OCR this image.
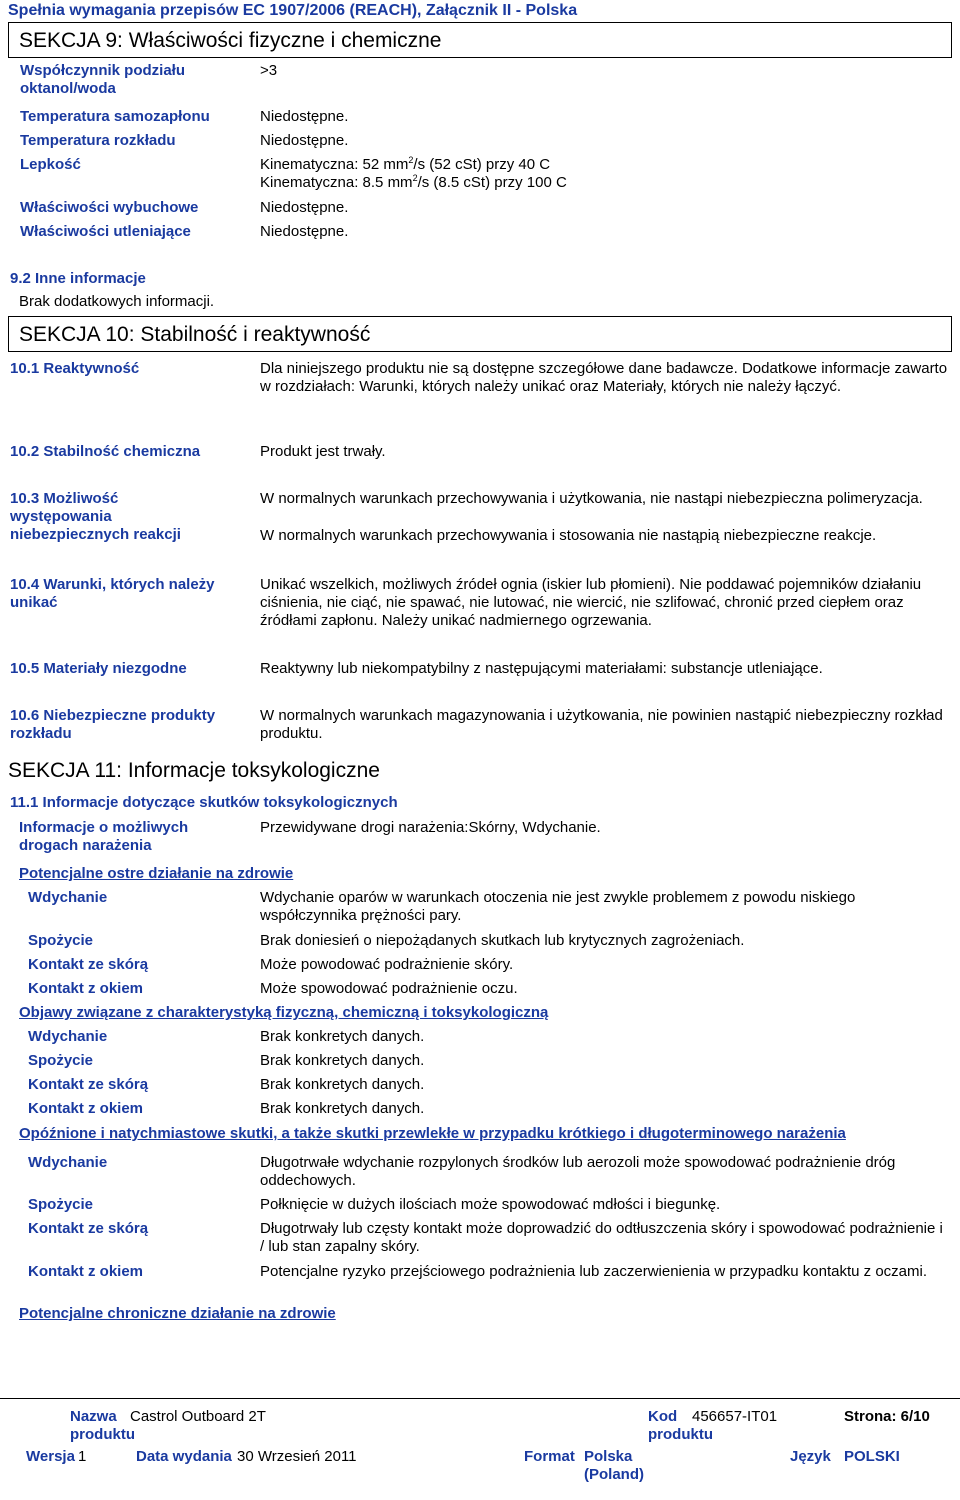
Spełnia wymagania przepisów EC 1907/2006 (REACH), Załącznik II - Polska
SEKCJA 9: Właściwości fizyczne i chemiczne
Współczynnik podziału oktanol/woda
>3
Temperatura samozapłonu	Niedostępne.
Temperatura rozkładu	Niedostępne.
Lepkość	Kinematyczna: 52 $mm^2/s$ (52 cSt) przy 40 C
Kinematyczna: 8.5 $mm^2/s$ (8.5 cSt) przy 100 C
Właściwości wybuchowe	Niedostępne.
Właściwości utleniające	Niedostępne.
9.2 Inne informacje
Brak dodatkowych informacji.
SEKCJA 10: Stabilność i reaktywność
10.1 Reaktywność	Dla niniejszego produktu nie są dostępne szczegółowe dane badawcze. Dodatkowe informacje zawarto w rozdziałach: Warunki, których należy unikać oraz Materiały, których nie należy łączyć.
10.2 Stabilność chemiczna	Produkt jest trwały.
10.3 Możliwość występowania niebezpiecznych reakcji
W normalnych warunkach przechowywania i użytkowania, nie nastąpi niebezpieczna polimeryzacja.
W normalnych warunkach przechowywania i stosowania nie nastąpią niebezpieczne reakcje.
10.4 Warunki, których należy unikać
Unikać wszelkich, możliwych źródeł ognia (iskier lub płomieni). Nie poddawać pojemników działaniu ciśnienia, nie ciąć, nie spawać, nie lutować, nie wiercić, nie szlifować, chronić przed ciepłem oraz źródłami zapłonu. Należy unikać nadmiernego ogrzewania.
10.5 Materiały niezgodne	Reaktywny lub niekompatybilny z następującymi materiałami: substancje utleniające.
10.6 Niebezpieczne produkty rozkładu
W normalnych warunkach magazynowania i użytkowania, nie powinien nastąpić niebezpieczny rozkład produktu.
SEKCJA 11: Informacje toksykologiczne
11.1 Informacje dotyczące skutków toksykologicznych
Informacje o możliwych drogach narażenia
Przewidywane drogi narażenia:Skórny, Wdychanie.
Potencjalne ostre działanie na zdrowie
Wdychanie	Wdychanie oparów w warunkach otoczenia nie jest zwykle problemem z powodu niskiego współczynnika prężności pary.
Spożycie	Brak doniesień o niepożądanych skutkach lub krytycznych zagrożeniach.
Kontakt ze skórą	Może powodować podrażnienie skóry.
Kontakt z okiem	Może spowodować podrażnienie oczu.
Objawy związane z charakterystyką fizyczną, chemiczną i toksykologiczną
Wdychanie	Brak konkretych danych.
Spożycie	Brak konkretych danych.
Kontakt ze skórą	Brak konkretych danych.
Kontakt z okiem	Brak konkretych danych.
Opóźnione i natychmiastowe skutki, a także skutki przewlekłe w przypadku krótkiego i długoterminowego narażenia
Wdychanie	Długotrwałe wdychanie rozpylonych środków lub aerozoli może spowodować podrażnienie dróg oddechowych.
Spożycie	Połknięcie w dużych ilościach może spowodować mdłości i biegunkę.
Kontakt ze skórą	Długotrwały lub częsty kontakt może doprowadzić do odtłuszczenia skóry i spowodować podrażnienie i / lub stan zapalny skóry.
Kontakt z okiem	Potencjalne ryzyko przejściowego podrażnienia lub zaczerwienienia w przypadku kontaktu z oczami.
Potencjalne chroniczne działanie na zdrowie
Nazwa produktu
Castrol Outboard 2T	Kod produktu
456657-IT01	Strona: 6/10
Wersja 1	Data wydania 30 Wrzesień 2011	Format Polska (Poland)
Język POLSKI
